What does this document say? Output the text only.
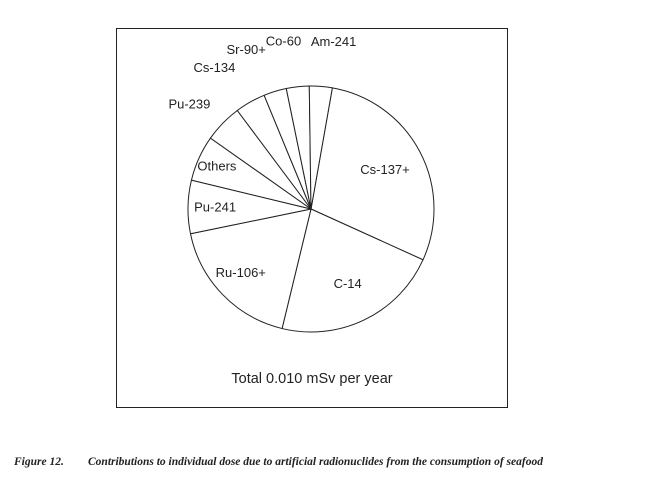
Cs-137+
C-14
Ru-106+
Pu-241
Others
Pu-239
Cs-134
Sr-90+
Co-60 Am-241
Total 0.010 mSv per year
Figure 12. Contributions to individual dose due to artificial radionuclides from the consumption of seafood
